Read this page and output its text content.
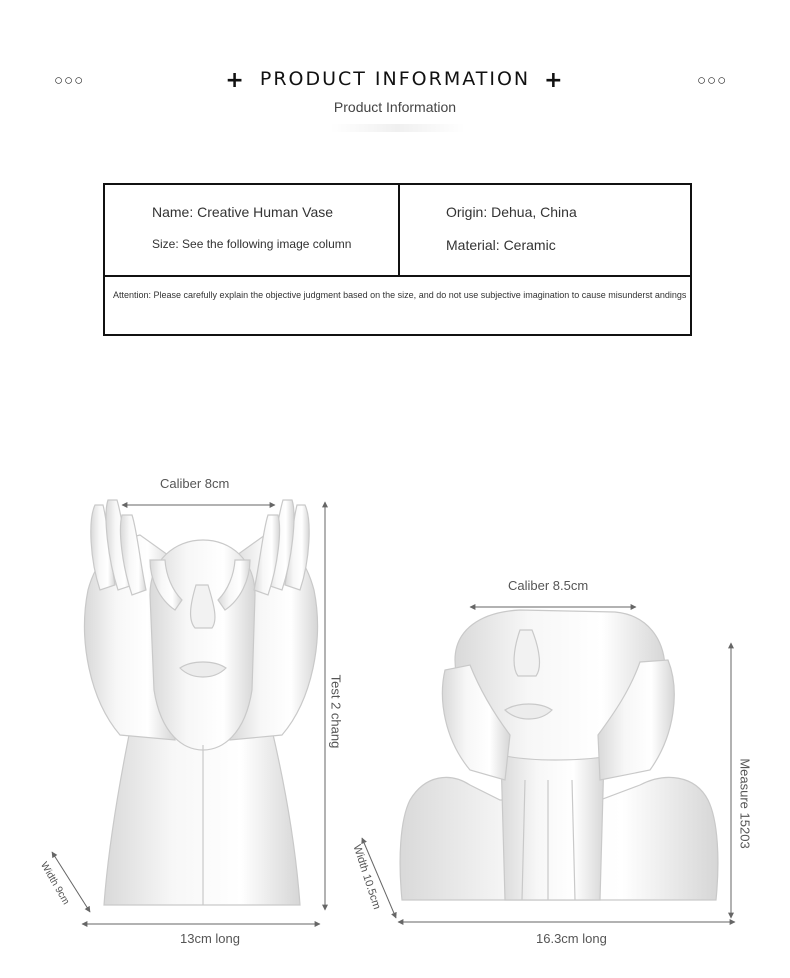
○○○	○○○
+ PRODUCT INFORMATION +
Product Information
Name: Creative Human Vase
Size: See the following image column
Origin: Dehua, China
Material: Ceramic
Attention: Please carefully explain the objective judgment based on the size, and do not use subjective imagination to cause misunderst andings
Caliber 8cm
Test 2 chang
Width 9cm
13cm long
Caliber 8.5cm
Measure 15203
Width 10.5cm
16.3cm long
